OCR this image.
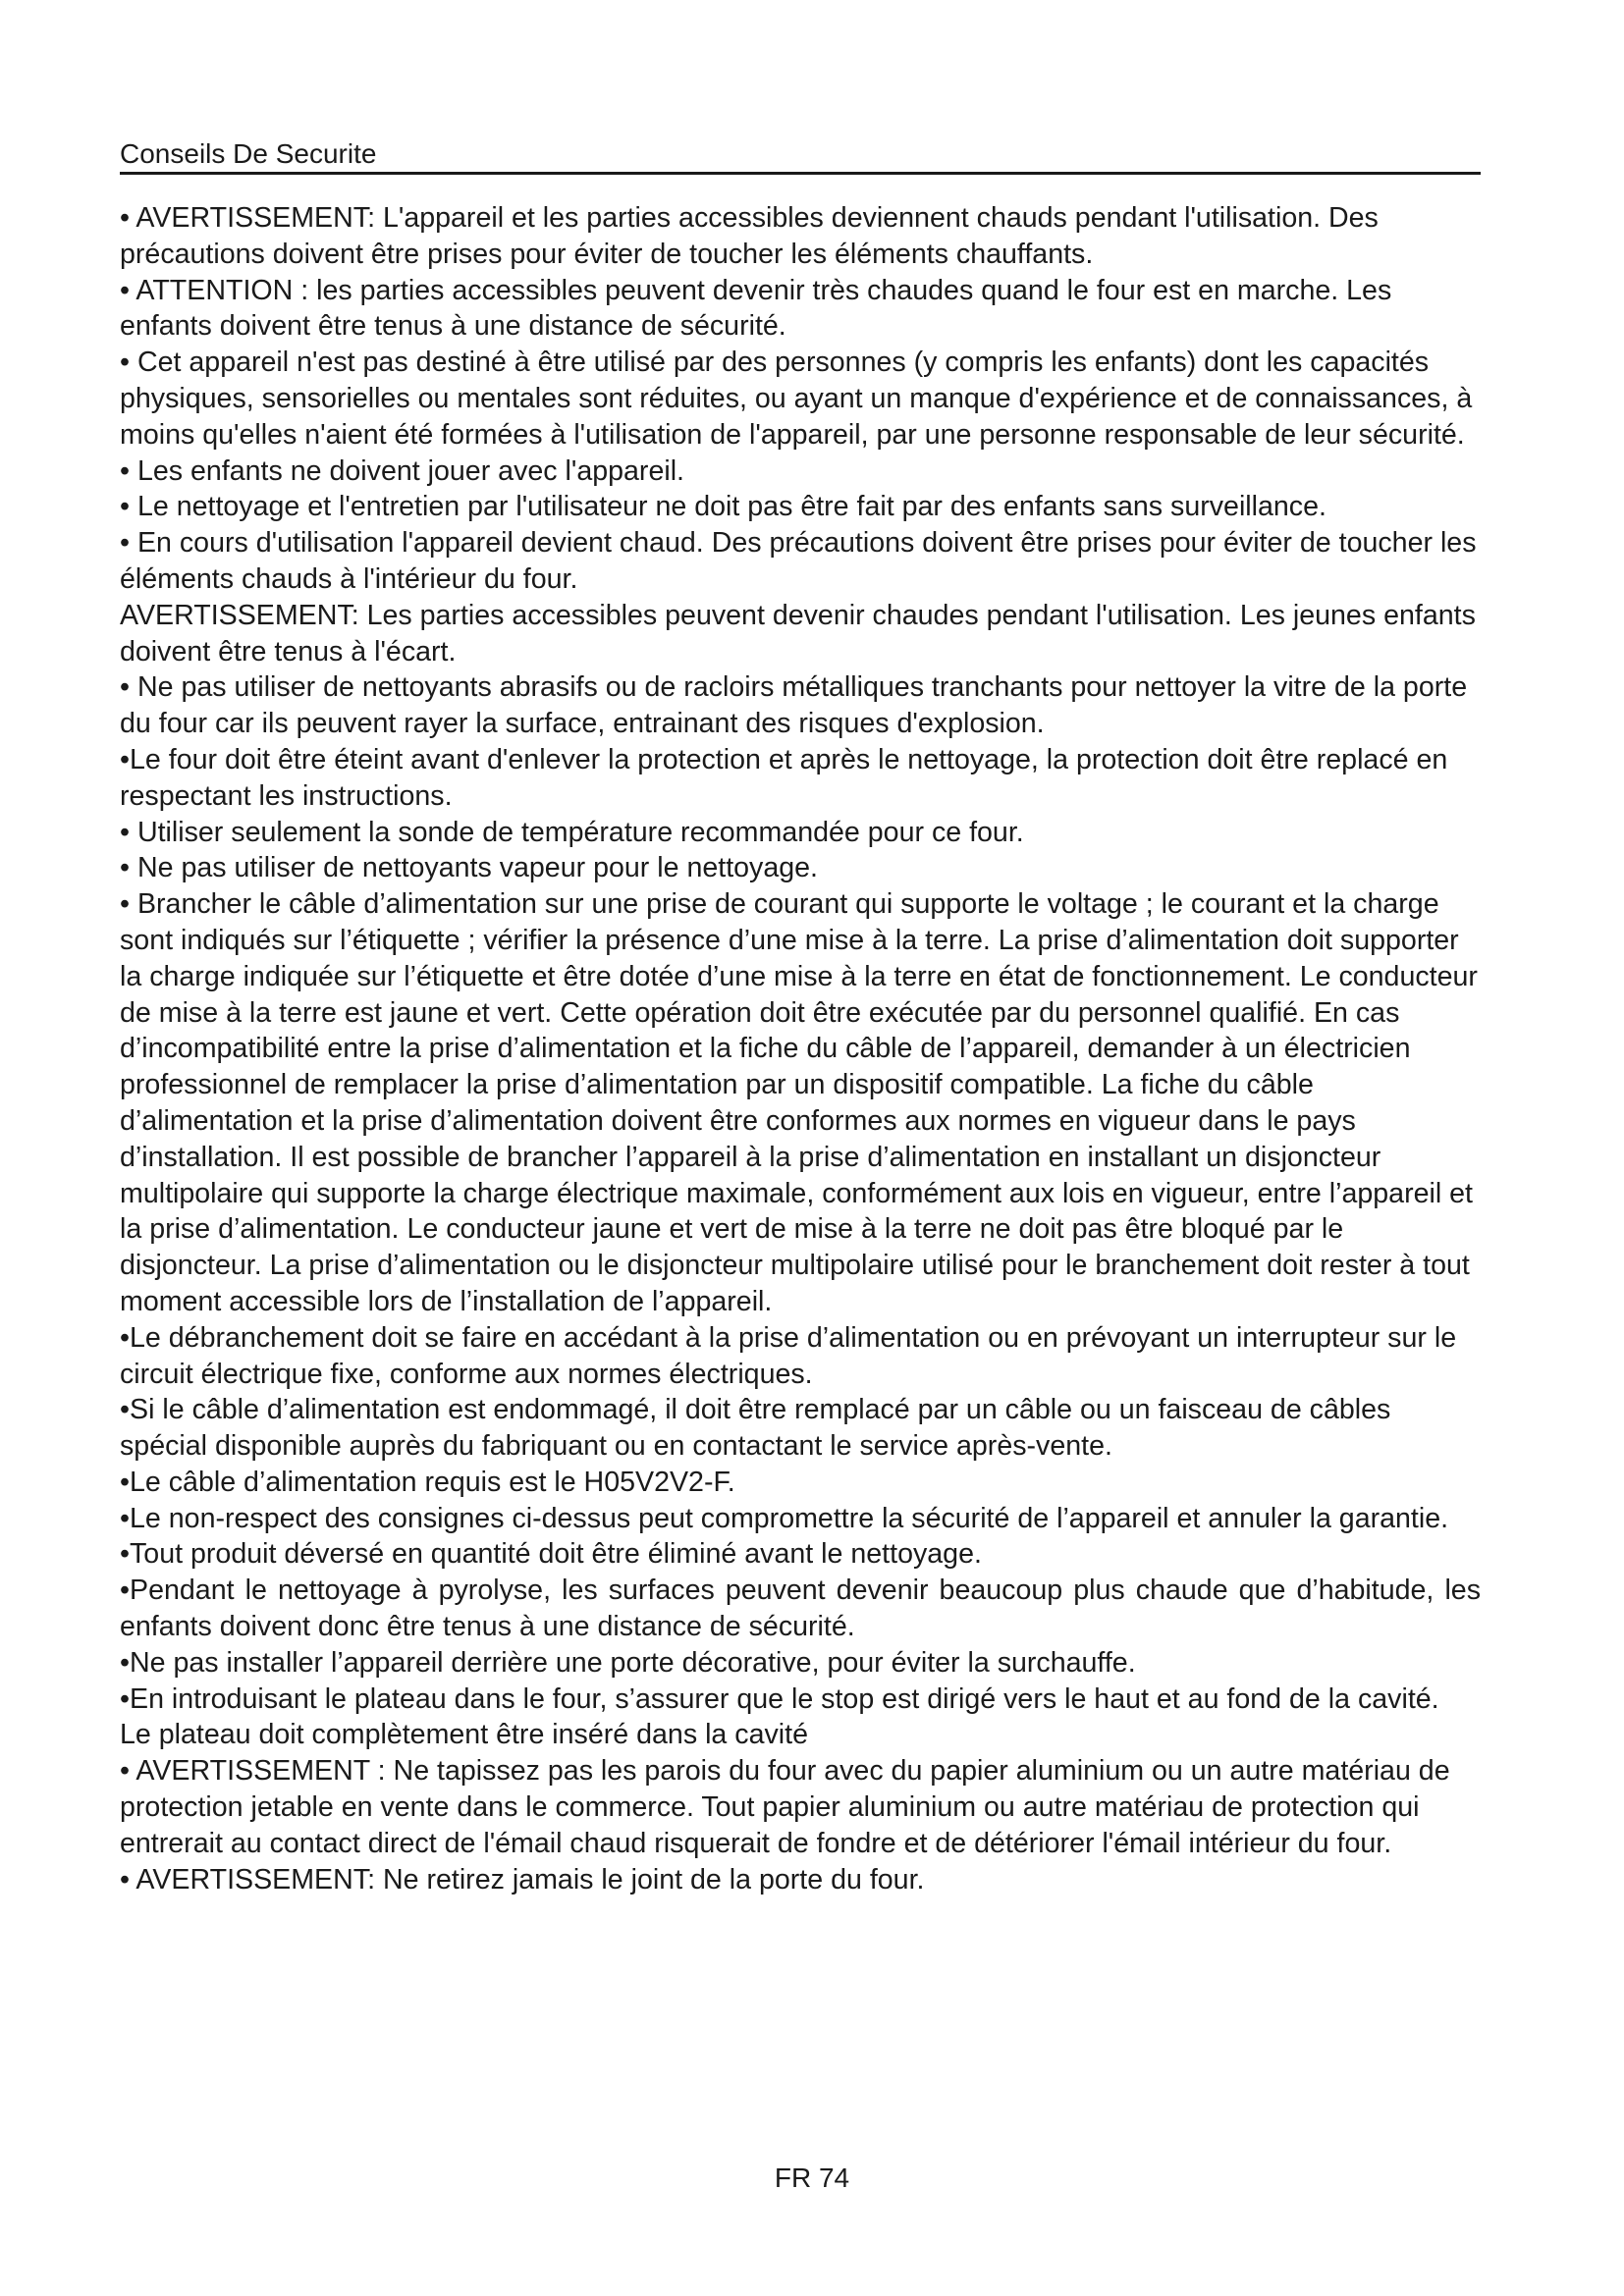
Conseils De Securite

• AVERTISSEMENT: L'appareil et les parties accessibles deviennent chauds pendant l'utilisation. Des précautions doivent être prises pour éviter de toucher les éléments chauffants.

• ATTENTION : les parties accessibles peuvent devenir très chaudes quand le four est en marche. Les enfants doivent être tenus à une distance de sécurité.

• Cet appareil n'est pas destiné à être utilisé par des personnes (y compris les enfants) dont les capacités physiques, sensorielles ou mentales sont réduites, ou ayant un manque d'expérience et de connaissances, à moins qu'elles n'aient été formées à l'utilisation de l'appareil, par une personne responsable de leur sécurité.

• Les enfants ne doivent jouer avec l'appareil.

• Le nettoyage et l'entretien par l'utilisateur ne doit pas être fait par des enfants sans surveillance.

• En cours d'utilisation l'appareil devient chaud. Des précautions doivent être prises pour éviter de toucher les éléments chauds à l'intérieur du four.

AVERTISSEMENT: Les parties accessibles peuvent devenir chaudes pendant l'utilisation. Les jeunes enfants doivent être tenus à l'écart.

• Ne pas utiliser de nettoyants abrasifs ou de racloirs métalliques tranchants pour nettoyer la vitre de la porte du four car ils peuvent rayer la surface, entrainant des risques d'explosion.

•Le four doit être éteint avant d'enlever la protection et après le nettoyage, la protection doit être replacé en respectant les instructions.

• Utiliser seulement la sonde de température recommandée pour ce four.

• Ne pas utiliser de nettoyants vapeur pour le nettoyage.

• Brancher le câble d’alimentation sur une prise de courant qui supporte le voltage ; le courant et la charge sont indiqués sur l’étiquette ; vérifier la présence d’une mise à la terre. La prise d’alimentation doit supporter la charge indiquée sur l’étiquette et être dotée d’une mise à la terre en état de fonctionnement. Le conducteur de mise à la terre est jaune et vert. Cette opération doit être exécutée par du personnel qualifié. En cas d’incompatibilité entre la prise d’alimentation et la fiche du câble de l’appareil, demander à un électricien professionnel de remplacer la prise d’alimentation par un dispositif compatible. La fiche du câble d’alimentation et la prise d’alimentation doivent être conformes aux normes en vigueur dans le pays d’installation. Il est possible de brancher l’appareil à la prise d’alimentation en installant un disjoncteur multipolaire qui supporte la charge électrique maximale, conformément aux lois en vigueur, entre l’appareil et la prise d’alimentation. Le conducteur jaune et vert de mise à la terre ne doit pas être bloqué par le disjoncteur. La prise d’alimentation ou le disjoncteur multipolaire utilisé pour le branchement doit rester à tout moment accessible lors de l’installation de l’appareil.

•Le débranchement doit se faire en accédant à la prise d’alimentation ou en prévoyant un interrupteur sur le circuit électrique fixe, conforme aux normes électriques.

•Si le câble d’alimentation est endommagé, il doit être remplacé par un câble ou un faisceau de câbles spécial disponible auprès du fabriquant ou en contactant le service après-vente.

•Le câble d’alimentation requis est le H05V2V2-F.

•Le non-respect des consignes ci-dessus peut compromettre la sécurité de l’appareil et annuler la garantie.

•Tout produit déversé en quantité doit être éliminé avant le nettoyage.

•Pendant le nettoyage à pyrolyse, les surfaces peuvent devenir beaucoup plus chaude que d’habitude, les enfants doivent donc être tenus à une distance de sécurité.

•Ne pas installer l’appareil derrière une porte décorative, pour éviter la surchauffe.

•En introduisant le plateau dans le four, s’assurer que le stop est dirigé vers le haut et au fond de la cavité.

Le plateau doit complètement être inséré dans la cavité

• AVERTISSEMENT : Ne tapissez pas les parois du four avec du papier aluminium ou un autre matériau de protection jetable en vente dans le commerce. Tout papier aluminium ou autre matériau de protection qui entrerait au contact direct de l'émail chaud risquerait de fondre et de détériorer l'émail intérieur du four.

• AVERTISSEMENT: Ne retirez jamais le joint de la porte du four.

FR 74
